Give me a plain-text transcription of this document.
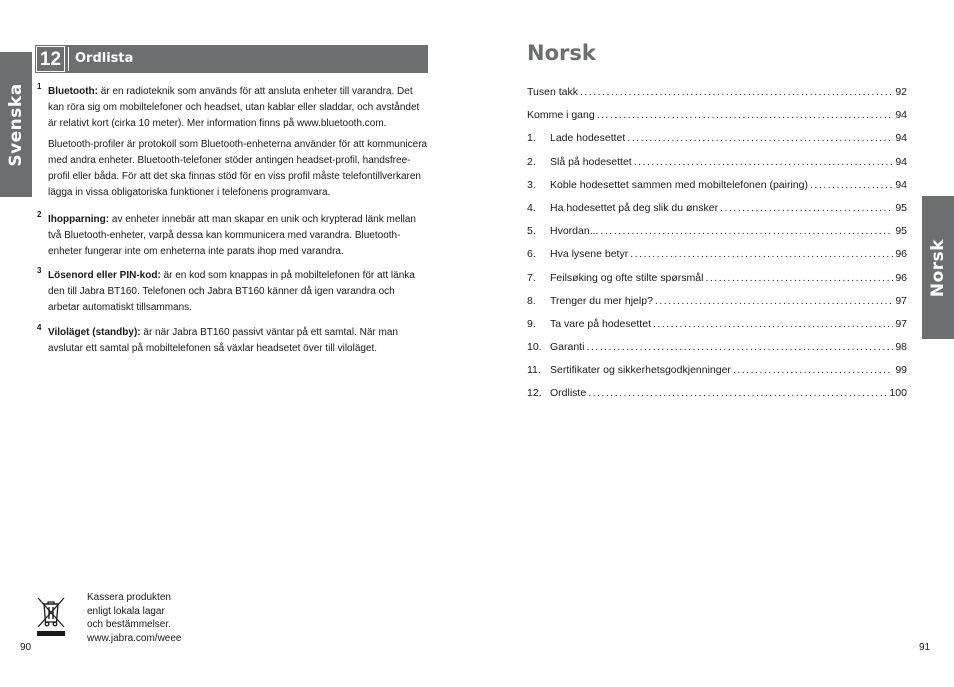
Svenska
12	Ordlista
1 Bluetooth: är en radioteknik som används för att ansluta enheter till varandra. Det kan röra sig om mobiltelefoner och headset, utan kablar eller sladdar, och avståndet är relativt kort (cirka 10 meter). Mer information finns på www.bluetooth.com.

Bluetooth-profiler är protokoll som Bluetooth-enheterna använder för att kommunicera med andra enheter. Bluetooth-telefoner stöder antingen headset-profil, handsfree-profil eller båda. För att det ska finnas stöd för en viss profil måste telefontillverkaren lägga in vissa obligatoriska funktioner i telefonens programvara.

2 Ihopparning: av enheter innebär att man skapar en unik och krypterad länk mellan två Bluetooth-enheter, varpå dessa kan kommunicera med varandra. Bluetooth-enheter fungerar inte om enheterna inte parats ihop med varandra.

3 Lösenord eller PIN-kod: är en kod som knappas in på mobiltelefonen för att länka den till Jabra BT160. Telefonen och Jabra BT160 känner då igen varandra och arbetar automatiskt tillsammans.

4 Viloläget (standby): är när Jabra BT160 passivt väntar på ett samtal. När man avslutar ett samtal på mobiltelefonen så växlar headsetet över till viloläget.

Kassera produkten
enligt lokala lagar
och bestämmelser.
www.jabra.com/weee
90
Norsk
Tusen takk .....	92
Komme i gang .....	94
1.	Lade hodesettet .....	94
2.	Slå på hodesettet .....	94
3.	Koble hodesettet sammen med mobiltelefonen (pairing) .....	94
4.	Ha hodesettet på deg slik du ønsker .....	95
5.	Hvordan... .....	95
6.	Hva lysene betyr .....	96
7.	Feilsøking og ofte stilte spørsmål .....	96
8.	Trenger du mer hjelp? .....	97
9.	Ta vare på hodesettet .....	97
10. Garanti .....	98
11. Sertifikater og sikkerhetsgodkjenninger .....	99
12. Ordliste .....	100
Norsk
91
